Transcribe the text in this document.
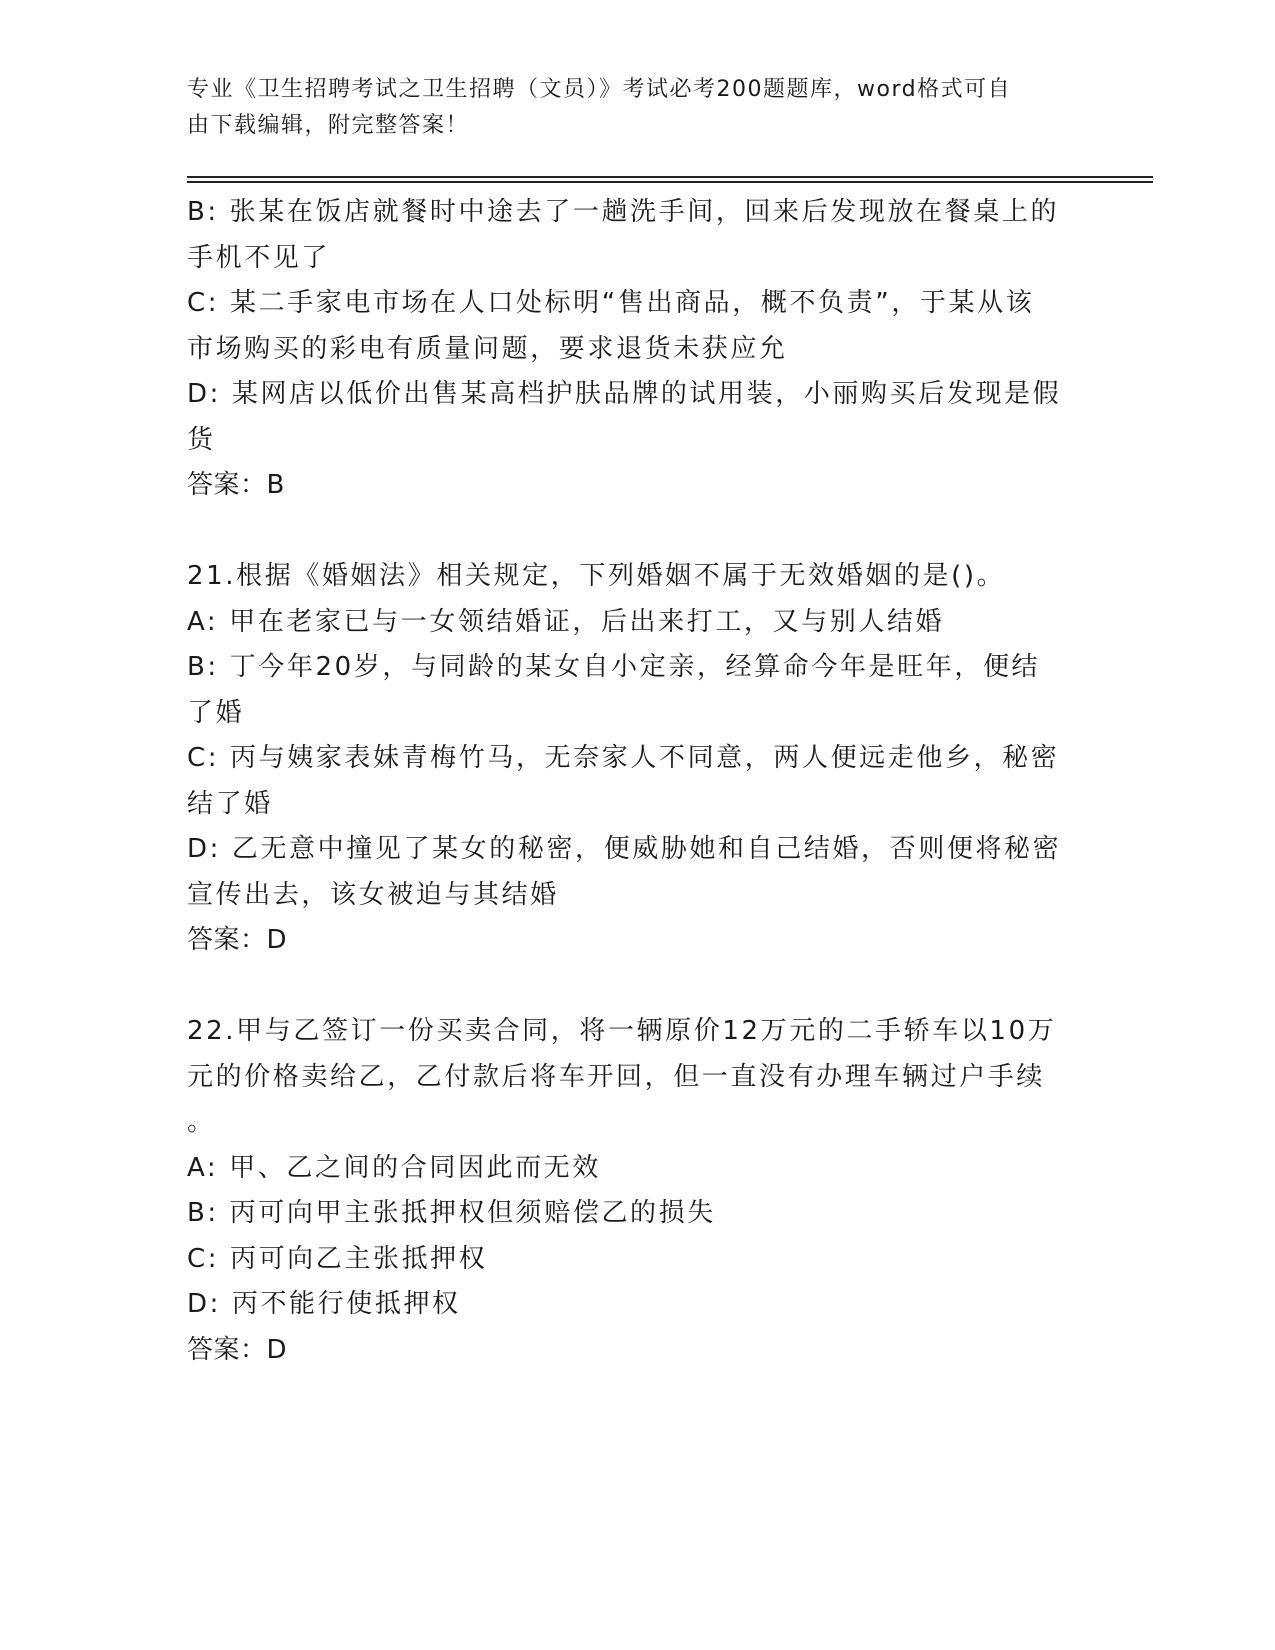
专业《卫生招聘考试之卫生招聘（文员）》考试必考200题题库，word格式可自
由下载编辑，附完整答案！
B: 张某在饭店就餐时中途去了一趟洗手间，回来后发现放在餐桌上的
手机不见了
C: 某二手家电市场在人口处标明“售出商品，概不负责”，于某从该
市场购买的彩电有质量问题，要求退货未获应允
D: 某网店以低价出售某高档护肤品牌的试用装，小丽购买后发现是假
货
答案：B
21.根据《婚姻法》相关规定，下列婚姻不属于无效婚姻的是()。
A: 甲在老家已与一女领结婚证，后出来打工，又与别人结婚
B: 丁今年20岁，与同龄的某女自小定亲，经算命今年是旺年，便结
了婚
C: 丙与姨家表妹青梅竹马，无奈家人不同意，两人便远走他乡，秘密
结了婚
D: 乙无意中撞见了某女的秘密，便威胁她和自己结婚，否则便将秘密
宣传出去，该女被迫与其结婚
答案：D
22.甲与乙签订一份买卖合同，将一辆原价12万元的二手轿车以10万
元的价格卖给乙，乙付款后将车开回，但一直没有办理车辆过户手续
。
A: 甲、乙之间的合同因此而无效
B: 丙可向甲主张抵押权但须赔偿乙的损失
C: 丙可向乙主张抵押权
D: 丙不能行使抵押权
答案：D
